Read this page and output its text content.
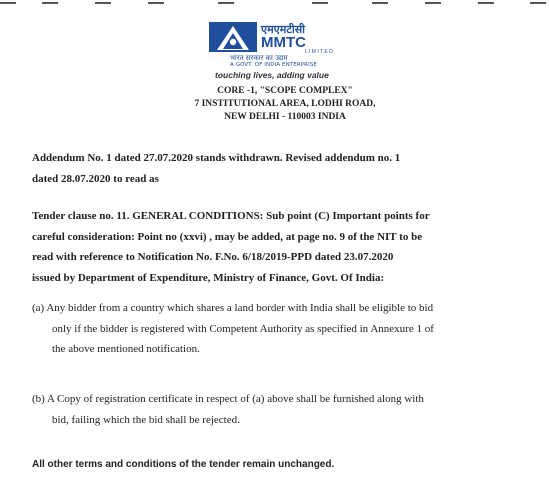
एमएमटीसी
MMTC
L I M I T E D
भारत सरकार का उद्यम
A GOVT. OF INDIA ENTERPRISE
touching lives, adding value
CORE -1, "SCOPE COMPLEX"
7 INSTITUTIONAL AREA, LODHI ROAD,
NEW DELHI - 110003 INDIA
Addendum No. 1 dated 27.07.2020 stands withdrawn. Revised addendum no. 1
dated 28.07.2020 to read as
Tender clause no. 11. GENERAL CONDITIONS: Sub point (C) Important points for
careful consideration: Point no (xxvi) , may be added, at page no. 9 of the NIT to be
read with reference to Notification No. F.No. 6/18/2019-PPD dated 23.07.2020
issued by Department of Expenditure, Ministry of Finance, Govt. Of India:
(a) Any bidder from a country which shares a land border with India shall be eligible to bid
only if the bidder is registered with Competent Authority as specified in Annexure 1 of
the above mentioned notification.
(b) A Copy of registration certificate in respect of (a) above shall be furnished along with
bid, failing which the bid shall be rejected.
All other terms and conditions of the tender remain unchanged.
